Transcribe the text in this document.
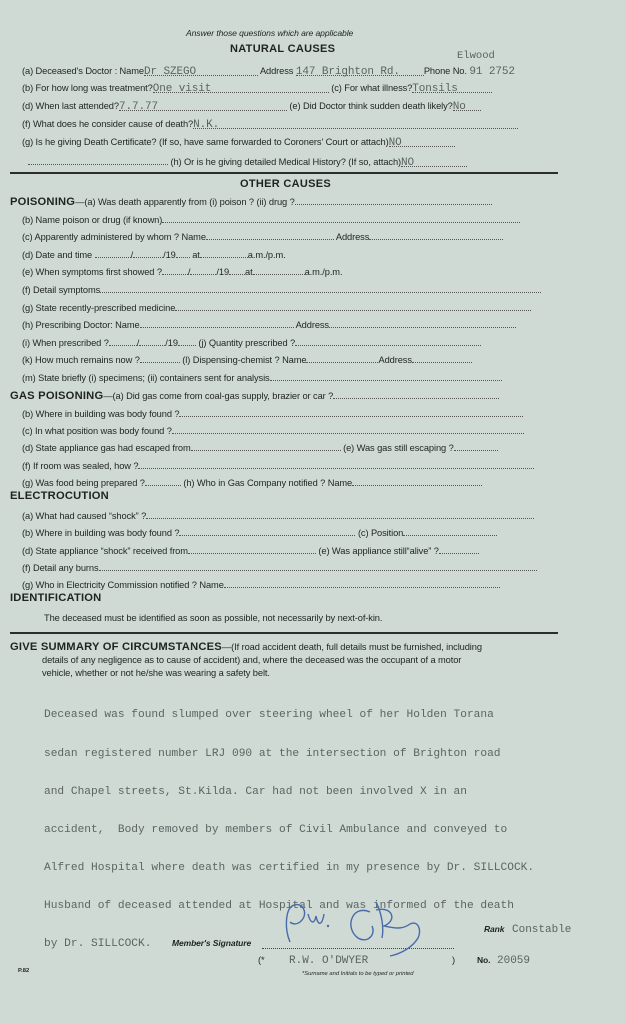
Answer those questions which are applicable
NATURAL CAUSES
Elwood
(a) Deceased's Doctor : NameDr SZEGO	Address 147 Brighton Rd.	Phone No. 91 2752
(b) For how long was treatment?One visit	(c) For what illness?Tonsils
(d) When last attended?7.7.77	(e) Did Doctor think sudden death likely?No
(f) What does he consider cause of death?N.K.
(g) Is he giving Death Certificate? (If so, have same forwarded to Coroners' Court or attach)NO
(h) Or is he giving detailed Medical History? (If so, attach)NO
OTHER CAUSES
POISONING—(a) Was death apparently from (i) poison ? (ii) drug ?
(b) Name poison or drug (if known)
(c) Apparently administered by whom ? Name	Address
(d) Date and time	/	/19 at	a.m./p.m.
(e) When symptoms first showed ?	/	/19 at	a.m./p.m.
(f) Detail symptoms
(g) State recently-prescribed medicine
(h) Prescribing Doctor: Name	Address
(i) When prescribed ?	/	/19 (j) Quantity prescribed ?
(k) How much remains now ?	(l) Dispensing-chemist ? Name	Address
(m) State briefly (i) specimens; (ii) containers sent for analysis
GAS POISONING—(a) Did gas come from coal-gas supply, brazier or car ?
(b) Where in building was body found ?
(c) In what position was body found ?
(d) State appliance gas had escaped from	(e) Was gas still escaping ?
(f) If room was sealed, how ?
(g) Was food being prepared ?	(h) Who in Gas Company notified ? Name
ELECTROCUTION
(a) What had caused “shock” ?
(b) Where in building was body found ?	(c) Position
(d) State appliance “shock” received from	(e) Was appliance still“alive” ?
(f) Detail any burns
(g) Who in Electricity Commission notified ? Name
IDENTIFICATION
The deceased must be identified as soon as possible, not necessarily by next-of-kin.
GIVE SUMMARY OF CIRCUMSTANCES—(If road accident death, full details must be furnished, including
details of any negligence as to cause of accident) and, where the deceased was the occupant of a motor
vehicle, whether or not he/she was wearing a safety belt.

Deceased was found slumped over steering wheel of her Holden Torana

sedan registered number LRJ 090 at the intersection of Brighton road

and Chapel streets, St.Kilda. Car had not been involved X in an

accident,  Body removed by members of Civil Ambulance and conveyed to

Alfred Hospital where death was certified in my presence by Dr. SILLCOCK.

Husband of deceased attended at Hospital and was informed of the death

by Dr. SILLCOCK.

	Member's Signature
(* R.W. O'DWYER	)
*Surname and Initials to be typed or printed
Rank Constable
No. 20059
P.82
